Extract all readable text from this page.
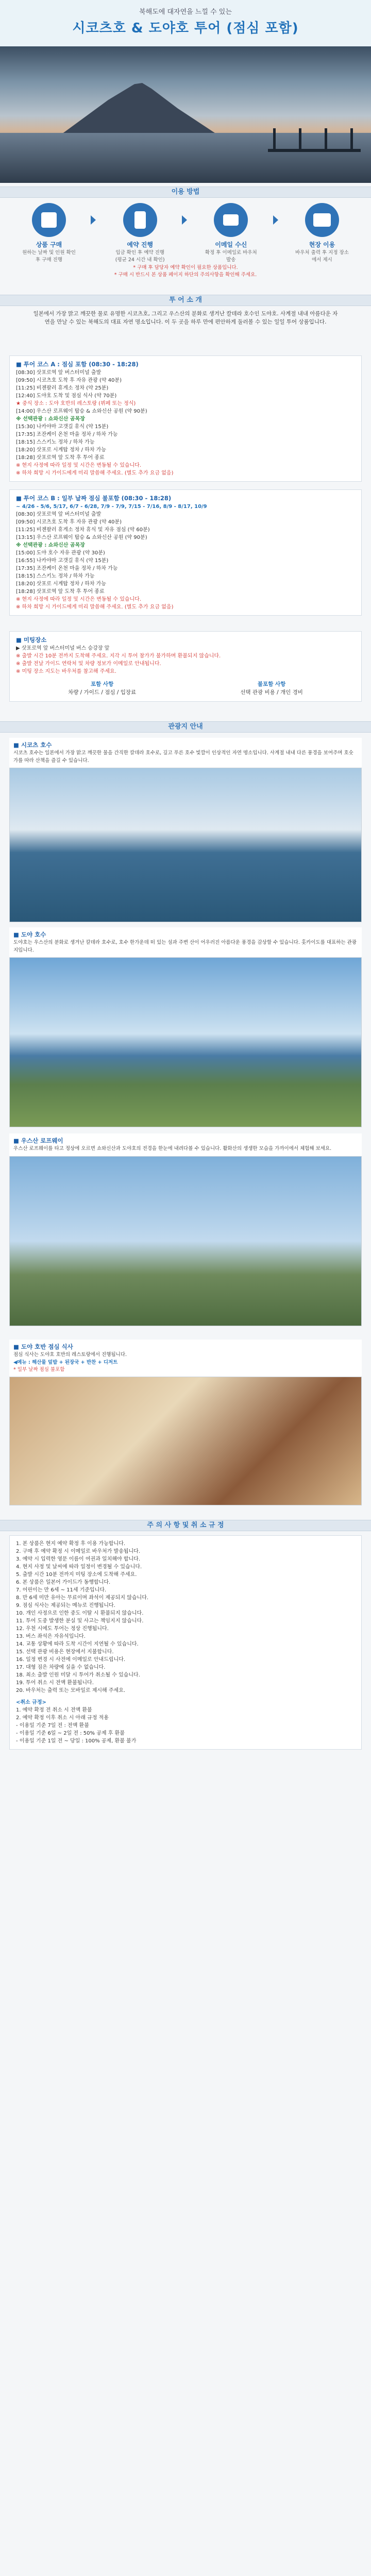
북해도에 대자연을 느낄 수 있는
시코츠호 & 도야호 투어 (점심 포함)
이용 방법
상품 구매
원하는 날짜 및 인원 확인 후 구매 진행
예약 진행
입금 확인 후 예약 진행 (평균 24 시간 내 확인)
이메일 수신
확정 후 이메일로 바우처 발송
현장 이용
바우처 출력 후 지정 장소에서 제시
* 구매 후 담당자 예약 확인이 필요한 상품입니다.
* 구매 시 반드시 본 상품 페이지 하단의 주의사항을 확인해 주세요.
투 어 소 개
일본에서 가장 맑고 깨끗한 물로 유명한 시코츠호, 그리고 우스산의 분화로 생겨난 칼데라 호수인 도야호. 사계절 내내 아름다운 자연을 만날 수 있는 북해도의 대표 자연 명소입니다. 이 두 곳을 하루 만에 편안하게 둘러볼 수 있는 일일 투어 상품입니다.
■ 투어 코스 A : 점심 포함 (08:30 - 18:28)
[08:30] 삿포로역 앞 버스터미널 출발
[09:50] 시코츠호 도착 후 자유 관광 (약 40분)
[11:25] 비젠팔러 휴게소 정차 (약 25분)
[12:40] 도야호 도착 및 점심 식사 (약 70분)
★ 중식 장소 : 도야 호반의 레스토랑 (뷔페 또는 정식)
[14:00] 우스산 로프웨이 탑승 & 쇼와신산 공원 (약 90분)
※ 선택관광 : 쇼와신산 곰목장
[15:30] 나카야마 고갯길 휴식 (약 15분)
[17:35] 조잔케이 온천 마을 정차 / 하차 가능
[18:15] 스스키노 정차 / 하차 가능
[18:20] 삿포로 시계탑 정차 / 하차 가능
[18:28] 삿포로역 앞 도착 후 투어 종료
※ 현지 사정에 따라 일정 및 시간은 변동될 수 있습니다.
※ 하차 희망 시 가이드에게 미리 말씀해 주세요. (별도 추가 요금 없음)
■ 투어 코스 B : 일부 날짜 점심 불포함 (08:30 - 18:28)
~ 4/26 - 5/6, 5/17, 6/7 - 6/28, 7/9 - 7/9, 7/15 - 7/16, 8/9 - 8/17, 10/9
[08:30] 삿포로역 앞 버스터미널 출발
[09:50] 시코츠호 도착 후 자유 관광 (약 40분)
[11:25] 비젠팔러 휴게소 정차 휴식 및 자유 점심 (약 60분)
[13:15] 우스산 로프웨이 탑승 & 쇼와신산 공원 (약 90분)
※ 선택관광 : 쇼와신산 곰목장
[15:00] 도야 호수 자유 관광 (약 30분)
[16:55] 나카야마 고갯길 휴식 (약 15분)
[17:35] 조잔케이 온천 마을 정차 / 하차 가능
[18:15] 스스키노 정차 / 하차 가능
[18:20] 삿포로 시계탑 정차 / 하차 가능
[18:28] 삿포로역 앞 도착 후 투어 종료
※ 현지 사정에 따라 일정 및 시간은 변동될 수 있습니다.
※ 하차 희망 시 가이드에게 미리 말씀해 주세요. (별도 추가 요금 없음)
■ 미팅장소
▶ 삿포로역 앞 버스터미널 버스 승강장 앞
※ 출발 시간 10분 전까지 도착해 주세요. 지각 시 투어 참가가 불가하며 환불되지 않습니다.
※ 출발 전날 가이드 연락처 및 차량 정보가 이메일로 안내됩니다.
※ 미팅 장소 지도는 바우처를 참고해 주세요.
포함 사항
차량 / 가이드 / 점심 / 입장료
불포함 사항
선택 관광 비용 / 개인 경비
관광지 안내
■ 시코츠 호수
시코츠 호수는 일본에서 가장 맑고 깨끗한 물을 간직한 칼데라 호수로, 깊고 푸른 호수 빛깔이 인상적인 자연 명소입니다. 사계절 내내 다른 풍경을 보여주며 호숫가를 따라 산책을 즐길 수 있습니다.
■ 도야 호수
도야호는 우스산의 분화로 생겨난 칼데라 호수로, 호수 한가운데 떠 있는 섬과 주변 산이 어우러진 아름다운 풍경을 감상할 수 있습니다. 홋카이도를 대표하는 관광지입니다.
■ 우스산 로프웨이
우스산 로프웨이를 타고 정상에 오르면 쇼와신산과 도야호의 전경을 한눈에 내려다볼 수 있습니다. 활화산의 생생한 모습을 가까이에서 체험해 보세요.
■ 도야 호반 점심 식사
점심 식사는 도야호 호반의 레스토랑에서 진행됩니다.
◀메뉴 : 해산물 덮밥 + 된장국 + 반찬 + 디저트
* 일부 날짜 점심 불포함
주 의 사 항 및 취 소 규 정
1. 본 상품은 현지 예약 확정 후 이용 가능합니다.
2. 구매 후 예약 확정 시 이메일로 바우처가 발송됩니다.
3. 예약 시 입력한 영문 이름이 여권과 일치해야 합니다.
4. 현지 사정 및 날씨에 따라 일정이 변경될 수 있습니다.
5. 출발 시간 10분 전까지 미팅 장소에 도착해 주세요.
6. 본 상품은 일본어 가이드가 동행합니다.
7. 어린이는 만 6세 ~ 11세 기준입니다.
8. 만 6세 미만 유아는 무료이며 좌석이 제공되지 않습니다.
9. 점심 식사는 제공되는 메뉴로 진행됩니다.
10. 개인 사정으로 인한 중도 이탈 시 환불되지 않습니다.
11. 투어 도중 발생한 분실 및 사고는 책임지지 않습니다.
12. 우천 시에도 투어는 정상 진행됩니다.
13. 버스 좌석은 자유석입니다.
14. 교통 상황에 따라 도착 시간이 지연될 수 있습니다.
15. 선택 관광 비용은 현장에서 지불합니다.
16. 일정 변경 시 사전에 이메일로 안내드립니다.
17. 대형 짐은 차량에 실을 수 없습니다.
18. 최소 출발 인원 미달 시 투어가 취소될 수 있습니다.
19. 투어 취소 시 전액 환불됩니다.
20. 바우처는 출력 또는 모바일로 제시해 주세요.
<취소 규정>
1. 예약 확정 전 취소 시 전액 환불
2. 예약 확정 이후 취소 시 아래 규정 적용
- 이용일 기준 7일 전 : 전액 환불
- 이용일 기준 6일 ~ 2일 전 : 50% 공제 후 환불
- 이용일 기준 1일 전 ~ 당일 : 100% 공제, 환불 불가
